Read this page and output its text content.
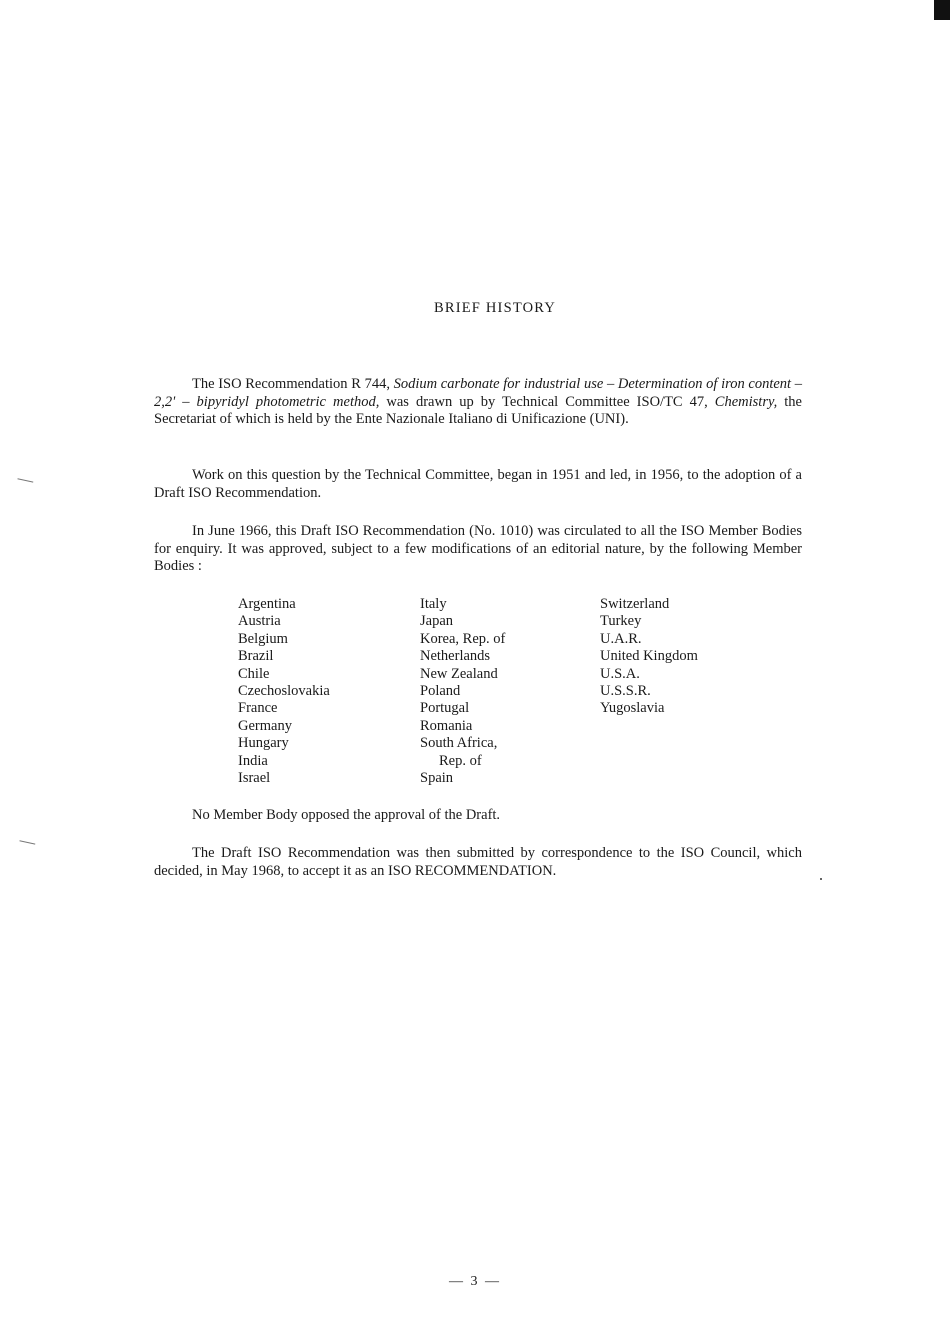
BRIEF HISTORY

The ISO Recommendation R 744, Sodium carbonate for industrial use – Determination of iron content – 2,2' – bipyridyl photometric method, was drawn up by Technical Committee ISO/TC 47, Chemistry, the Secretariat of which is held by the Ente Nazionale Italiano di Unificazione (UNI).

Work on this question by the Technical Committee, began in 1951 and led, in 1956, to the adoption of a Draft ISO Recommendation.

In June 1966, this Draft ISO Recommendation (No. 1010) was circulated to all the ISO Member Bodies for enquiry. It was approved, subject to a few modifications of an editorial nature, by the following Member Bodies :

Argentina
Austria
Belgium
Brazil
Chile
Czechoslovakia
France
Germany
Hungary
India
Israel
Italy
Japan
Korea, Rep. of
Netherlands
New Zealand
Poland
Portugal
Romania
South Africa,
Rep. of
Spain
Switzerland
Turkey
U.A.R.
United Kingdom
U.S.A.
U.S.S.R.
Yugoslavia

No Member Body opposed the approval of the Draft.

The Draft ISO Recommendation was then submitted by correspondence to the ISO Council, which decided, in May 1968, to accept it as an ISO RECOMMENDATION.

— 3 —
